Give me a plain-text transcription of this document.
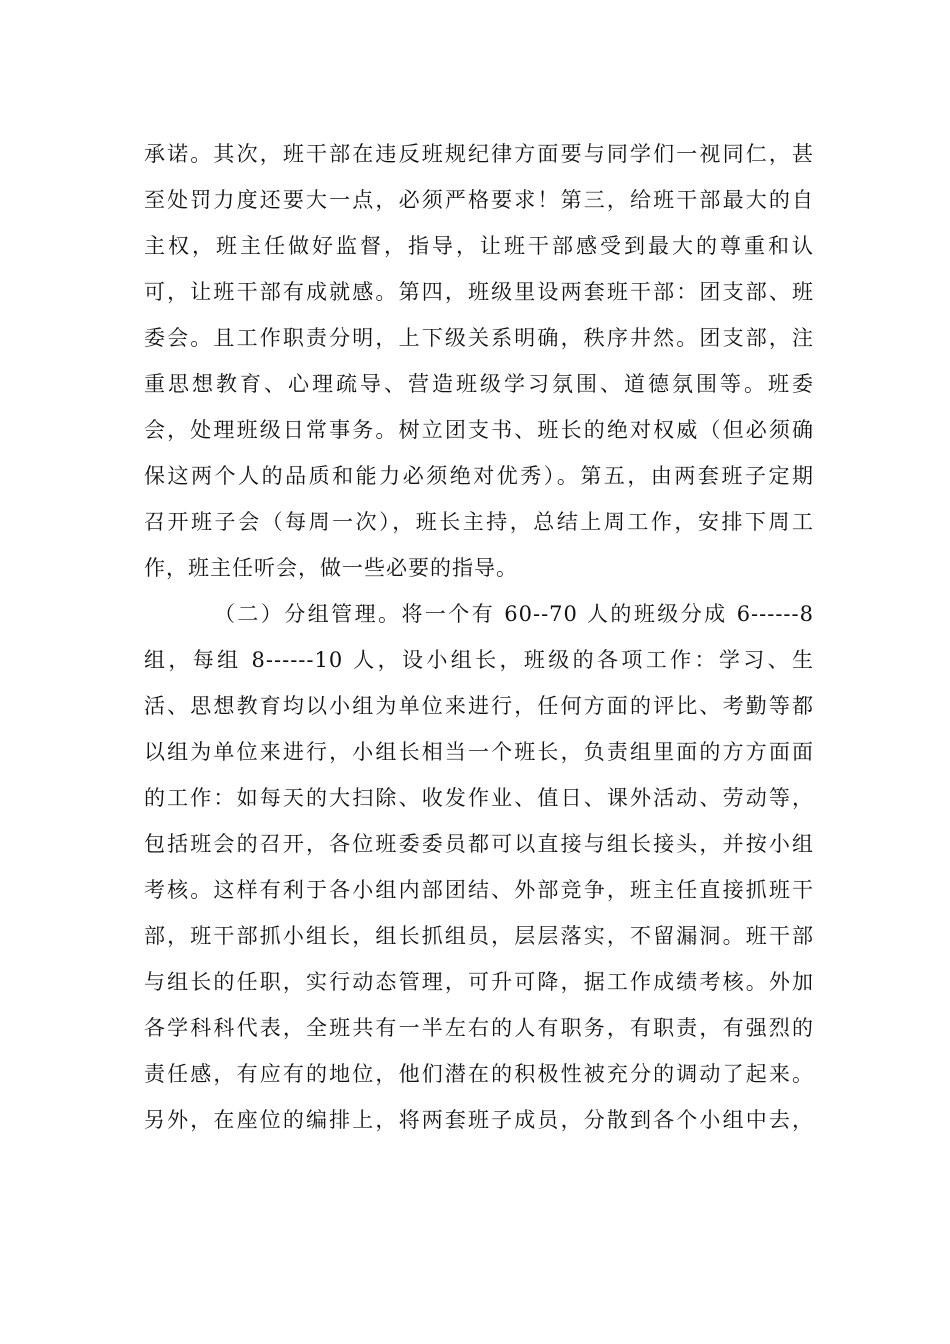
承诺。其次，班干部在违反班规纪律方面要与同学们一视同仁，甚
至处罚力度还要大一点，必须严格要求！第三，给班干部最大的自
主权，班主任做好监督，指导，让班干部感受到最大的尊重和认
可，让班干部有成就感。第四，班级里设两套班干部：团支部、班
委会。且工作职责分明，上下级关系明确，秩序井然。团支部，注
重思想教育、心理疏导、营造班级学习氛围、道德氛围等。班委
会，处理班级日常事务。树立团支书、班长的绝对权威（但必须确
保这两个人的品质和能力必须绝对优秀）。第五，由两套班子定期
召开班子会（每周一次），班长主持，总结上周工作，安排下周工
作，班主任听会，做一些必要的指导。
（二）分组管理。将一个有 60--70 人的班级分成 6------8
组，每组 8------10 人，设小组长，班级的各项工作：学习、生
活、思想教育均以小组为单位来进行，任何方面的评比、考勤等都
以组为单位来进行，小组长相当一个班长，负责组里面的方方面面
的工作：如每天的大扫除、收发作业、值日、课外活动、劳动等，
包括班会的召开，各位班委委员都可以直接与组长接头，并按小组
考核。这样有利于各小组内部团结、外部竞争，班主任直接抓班干
部，班干部抓小组长，组长抓组员，层层落实，不留漏洞。班干部
与组长的任职，实行动态管理，可升可降，据工作成绩考核。外加
各学科科代表，全班共有一半左右的人有职务，有职责，有强烈的
责任感，有应有的地位，他们潜在的积极性被充分的调动了起来。
另外，在座位的编排上，将两套班子成员，分散到各个小组中去，
